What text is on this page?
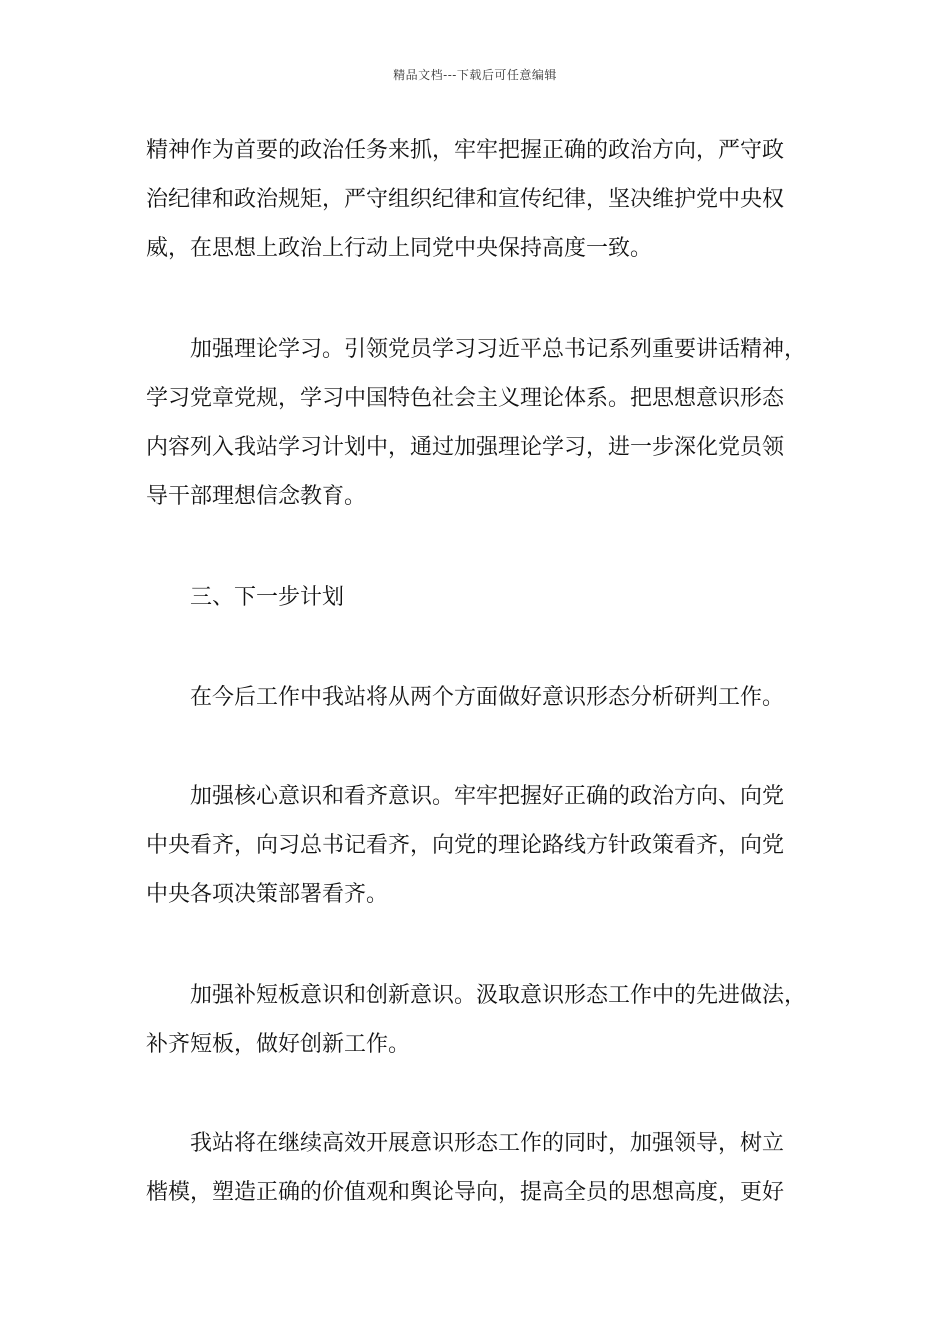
精品文档---下载后可任意编辑
精神作为首要的政治任务来抓，牢牢把握正确的政治方向，严守政
治纪律和政治规矩，严守组织纪律和宣传纪律，坚决维护党中央权
威，在思想上政治上行动上同党中央保持高度一致。
加强理论学习。引领党员学习习近平总书记系列重要讲话精神，
学习党章党规，学习中国特色社会主义理论体系。把思想意识形态
内容列入我站学习计划中，通过加强理论学习，进一步深化党员领
导干部理想信念教育。
三、下一步计划
在今后工作中我站将从两个方面做好意识形态分析研判工作。
加强核心意识和看齐意识。牢牢把握好正确的政治方向、向党
中央看齐，向习总书记看齐，向党的理论路线方针政策看齐，向党
中央各项决策部署看齐。
加强补短板意识和创新意识。汲取意识形态工作中的先进做法，
补齐短板，做好创新工作。
我站将在继续高效开展意识形态工作的同时，加强领导，树立
楷模，塑造正确的价值观和舆论导向，提高全员的思想高度，更好
